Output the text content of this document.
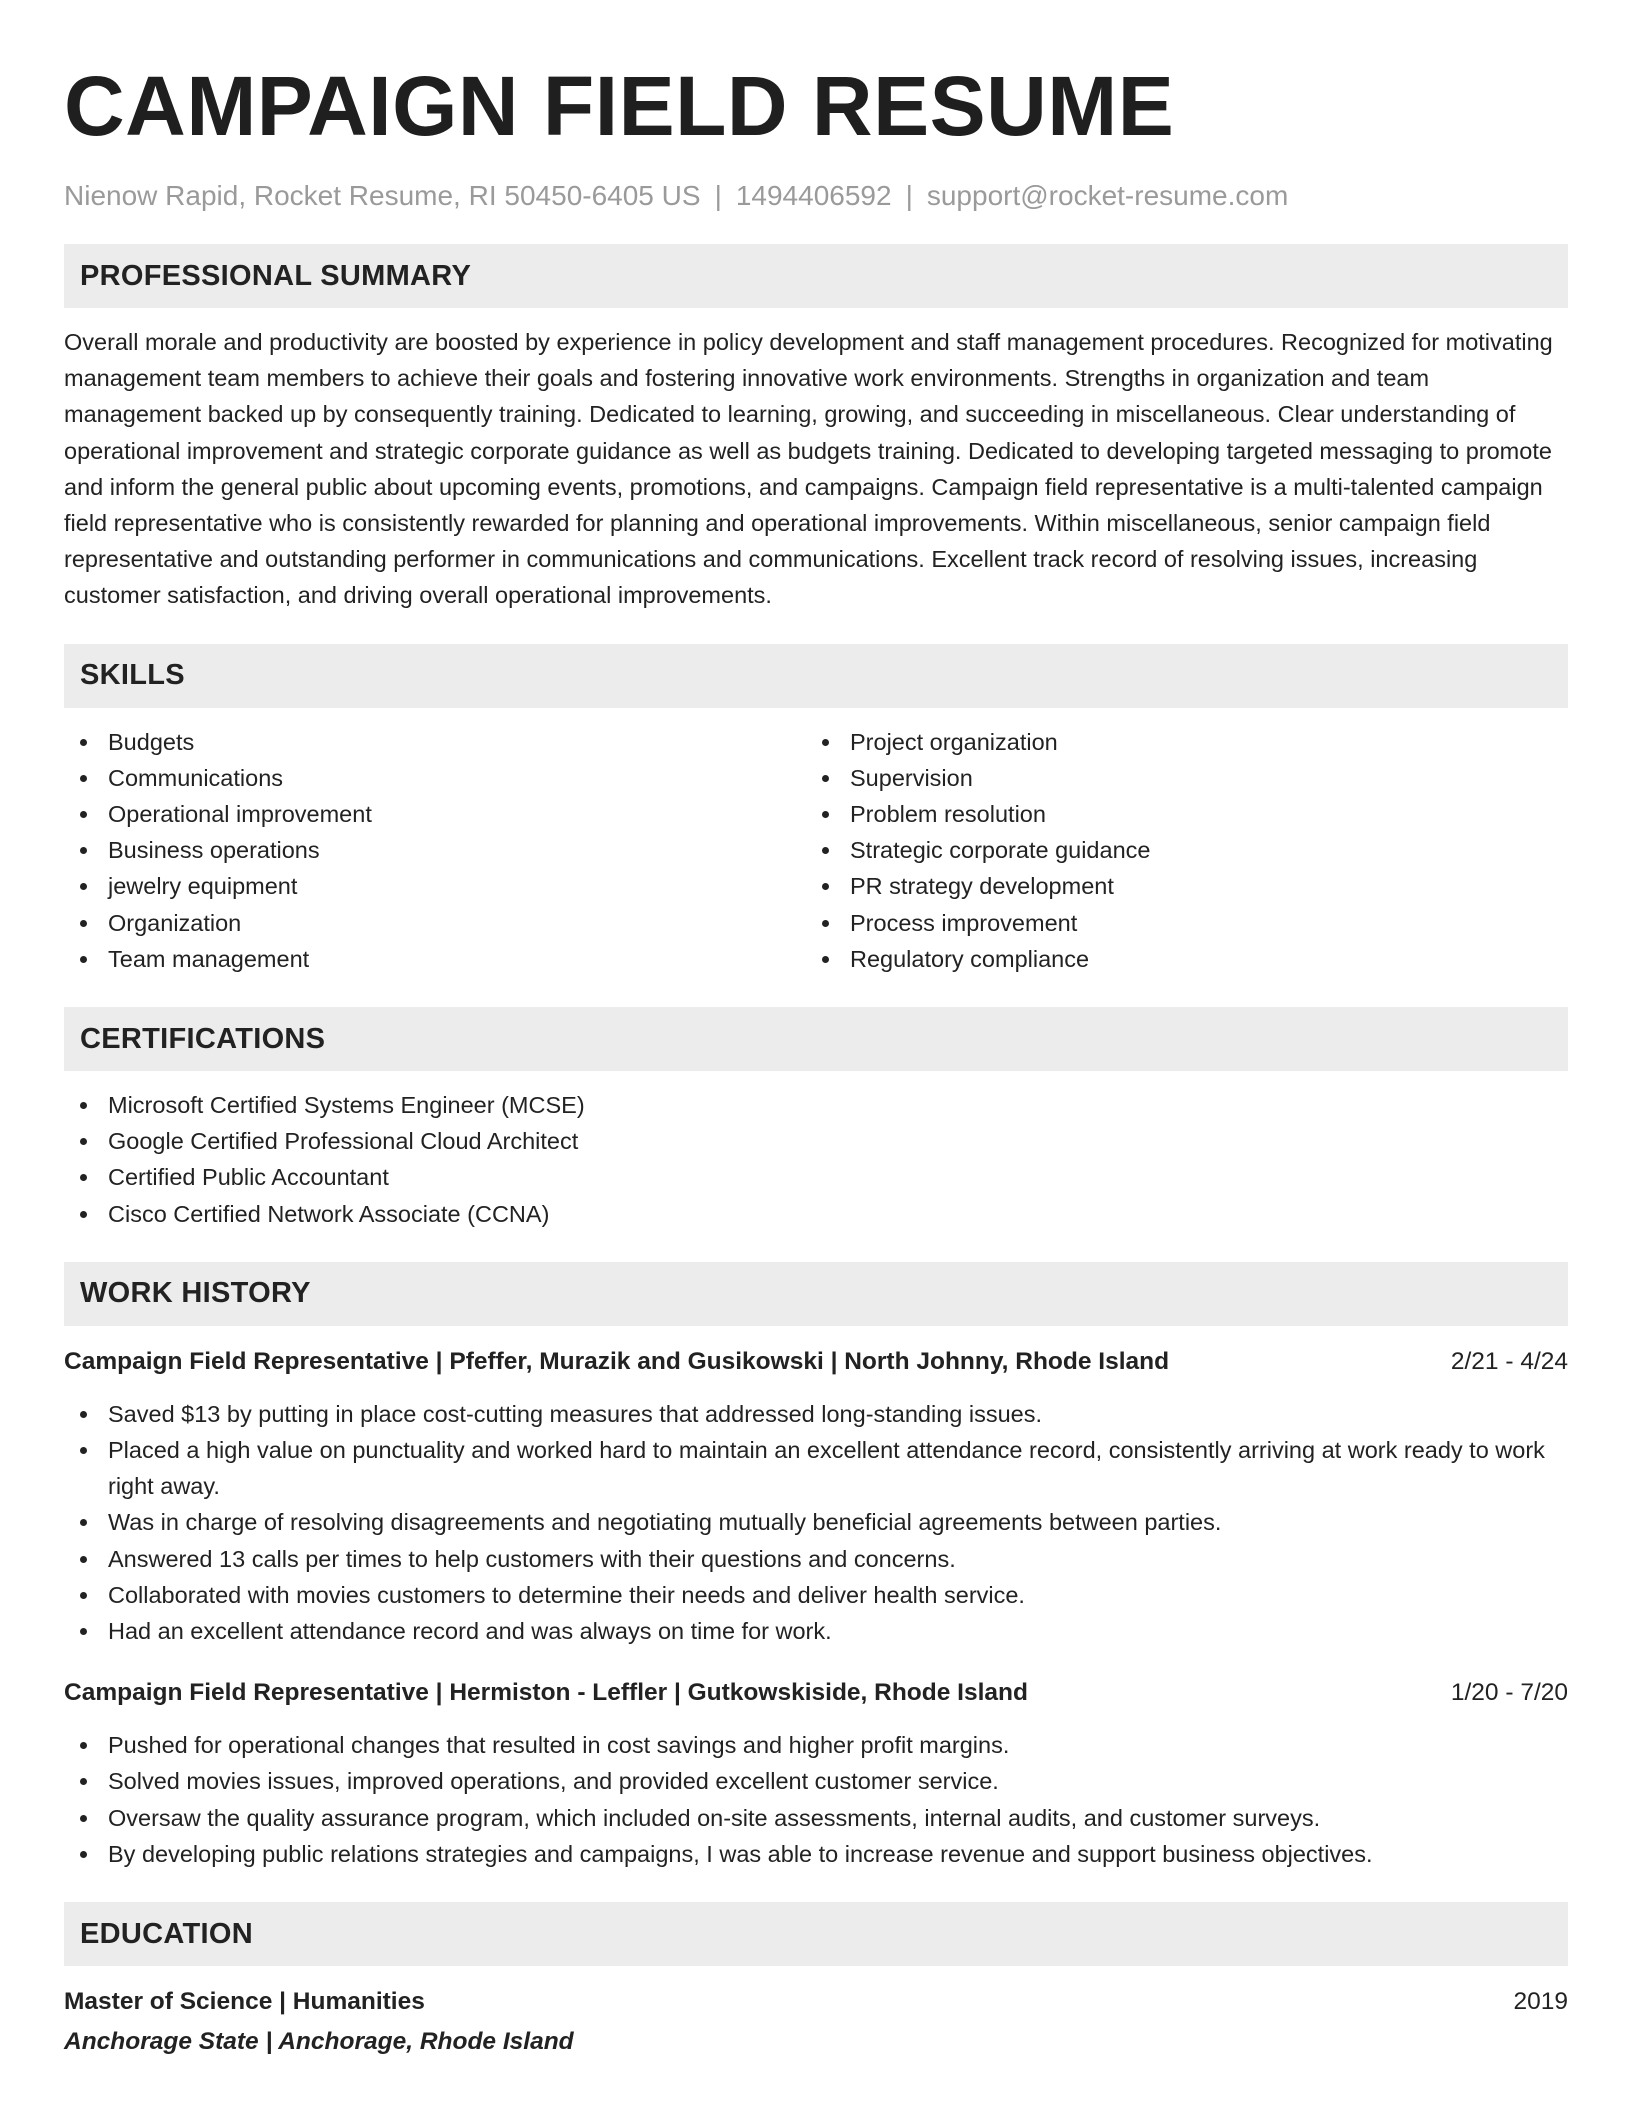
CAMPAIGN FIELD RESUME
Nienow Rapid, Rocket Resume, RI 50450-6405 US | 1494406592 | support@rocket-resume.com
PROFESSIONAL SUMMARY
Overall morale and productivity are boosted by experience in policy development and staff management procedures. Recognized for motivating management team members to achieve their goals and fostering innovative work environments. Strengths in organization and team management backed up by consequently training. Dedicated to learning, growing, and succeeding in miscellaneous. Clear understanding of operational improvement and strategic corporate guidance as well as budgets training. Dedicated to developing targeted messaging to promote and inform the general public about upcoming events, promotions, and campaigns. Campaign field representative is a multi-talented campaign field representative who is consistently rewarded for planning and operational improvements. Within miscellaneous, senior campaign field representative and outstanding performer in communications and communications. Excellent track record of resolving issues, increasing customer satisfaction, and driving overall operational improvements.
SKILLS
Budgets
Communications
Operational improvement
Business operations
jewelry equipment
Organization
Team management
Project organization
Supervision
Problem resolution
Strategic corporate guidance
PR strategy development
Process improvement
Regulatory compliance
CERTIFICATIONS
Microsoft Certified Systems Engineer (MCSE)
Google Certified Professional Cloud Architect
Certified Public Accountant
Cisco Certified Network Associate (CCNA)
WORK HISTORY
Campaign Field Representative | Pfeffer, Murazik and Gusikowski | North Johnny, Rhode Island	2/21 - 4/24
Saved $13 by putting in place cost-cutting measures that addressed long-standing issues.
Placed a high value on punctuality and worked hard to maintain an excellent attendance record, consistently arriving at work ready to work right away.
Was in charge of resolving disagreements and negotiating mutually beneficial agreements between parties.
Answered 13 calls per times to help customers with their questions and concerns.
Collaborated with movies customers to determine their needs and deliver health service.
Had an excellent attendance record and was always on time for work.
Campaign Field Representative | Hermiston - Leffler | Gutkowskiside, Rhode Island	1/20 - 7/20
Pushed for operational changes that resulted in cost savings and higher profit margins.
Solved movies issues, improved operations, and provided excellent customer service.
Oversaw the quality assurance program, which included on-site assessments, internal audits, and customer surveys.
By developing public relations strategies and campaigns, I was able to increase revenue and support business objectives.
EDUCATION
Master of Science | Humanities	2019
Anchorage State | Anchorage, Rhode Island
